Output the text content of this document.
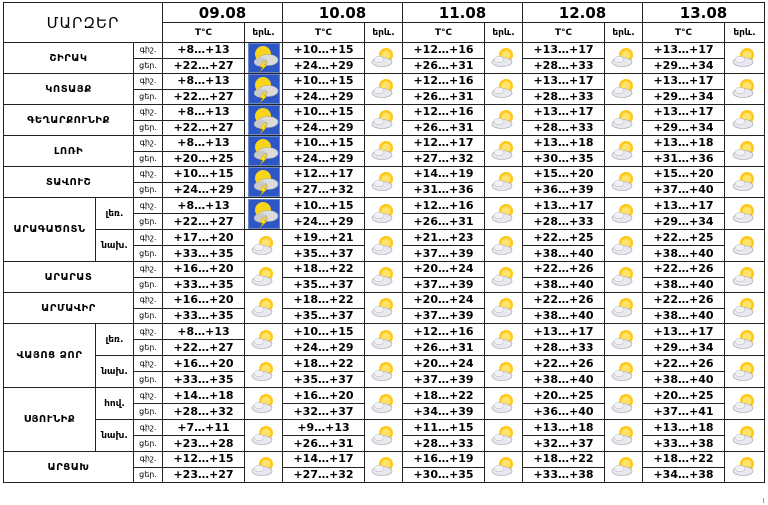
ՄԱՐԶԵՐ			09.08		10.08		11.08		12.08		13.08	
			T°C	երև.	T°C	երև.	T°C	երև.	T°C	երև.	T°C	երև.
ՇԻՐԱԿ		գիշ.	+8…+13		+10…+15		+12…+16		+13…+17		+13…+17	

		ցեր.	+22…+27		+24…+29		+26…+31		+28…+33		+29…+34	
ԿՈՏԱՅՔ		գիշ.	+8…+13		+10…+15		+12…+16		+13…+17		+13…+17	

		ցեր.	+22…+27		+24…+29		+26…+31		+28…+33		+29…+34	
ԳԵՂԱՐՔՈՒՆԻՔ		գիշ.	+8…+13		+10…+15		+12…+16		+13…+17		+13…+17	

		ցեր.	+22…+27		+24…+29		+26…+31		+28…+33		+29…+34	
ԼՈՌԻ		գիշ.	+8…+13		+10…+15		+12…+17		+13…+18		+13…+18	

		ցեր.	+20…+25		+24…+29		+27…+32		+30…+35		+31…+36	
ՏԱՎՈՒՇ		գիշ.	+10…+15		+12…+17		+14…+19		+15…+20		+15…+20	

		ցեր.	+24…+29		+27…+32		+31…+36		+36…+39		+37…+40	
ԱՐԱԳԱԾՈՏՆ	լեռ.	գիշ.	+8…+13		+10…+15		+12…+16		+13…+17		+13…+17	

		ցեր.	+22…+27		+24…+29		+26…+31		+28…+33		+29…+34	
	նախ.	գիշ.	+17…+20		+19…+21		+21…+23		+22…+25		+22…+25	

		ցեր.	+33…+35		+35…+37		+37…+39		+38…+40		+38…+40	
ԱՐԱՐԱՏ		գիշ.	+16…+20		+18…+22		+20…+24		+22…+26		+22…+26	

		ցեր.	+33…+35		+35…+37		+37…+39		+38…+40		+38…+40	
ԱՐՄԱՎԻՐ		գիշ.	+16…+20		+18…+22		+20…+24		+22…+26		+22…+26	

		ցեր.	+33…+35		+35…+37		+37…+39		+38…+40		+38…+40	
ՎԱՅՈՑ ՁՈՐ	լեռ.	գիշ.	+8…+13		+10…+15		+12…+16		+13…+17		+13…+17	

		ցեր.	+22…+27		+24…+29		+26…+31		+28…+33		+29…+34	
	նախ.	գիշ.	+16…+20		+18…+22		+20…+24		+22…+26		+22…+26	

		ցեր.	+33…+35		+35…+37		+37…+39		+38…+40		+38…+40	
ՍՅՈՒՆԻՔ	հով.	գիշ.	+14…+18		+16…+20		+18…+22		+20…+25		+20…+25	

		ցեր.	+28…+32		+32…+37		+34…+39		+36…+40		+37…+41	
	նախ.	գիշ.	+7…+11		+9…+13		+11…+15		+13…+18		+13…+18	

		ցեր.	+23…+28		+26…+31		+28…+33		+32…+37		+33…+38	
ԱՐՑԱԽ		գիշ.	+12…+15		+14…+17		+16…+19		+18…+22		+18…+22	

		ցեր.	+23…+27		+27…+32		+30…+35		+33…+38		+34…+38	
